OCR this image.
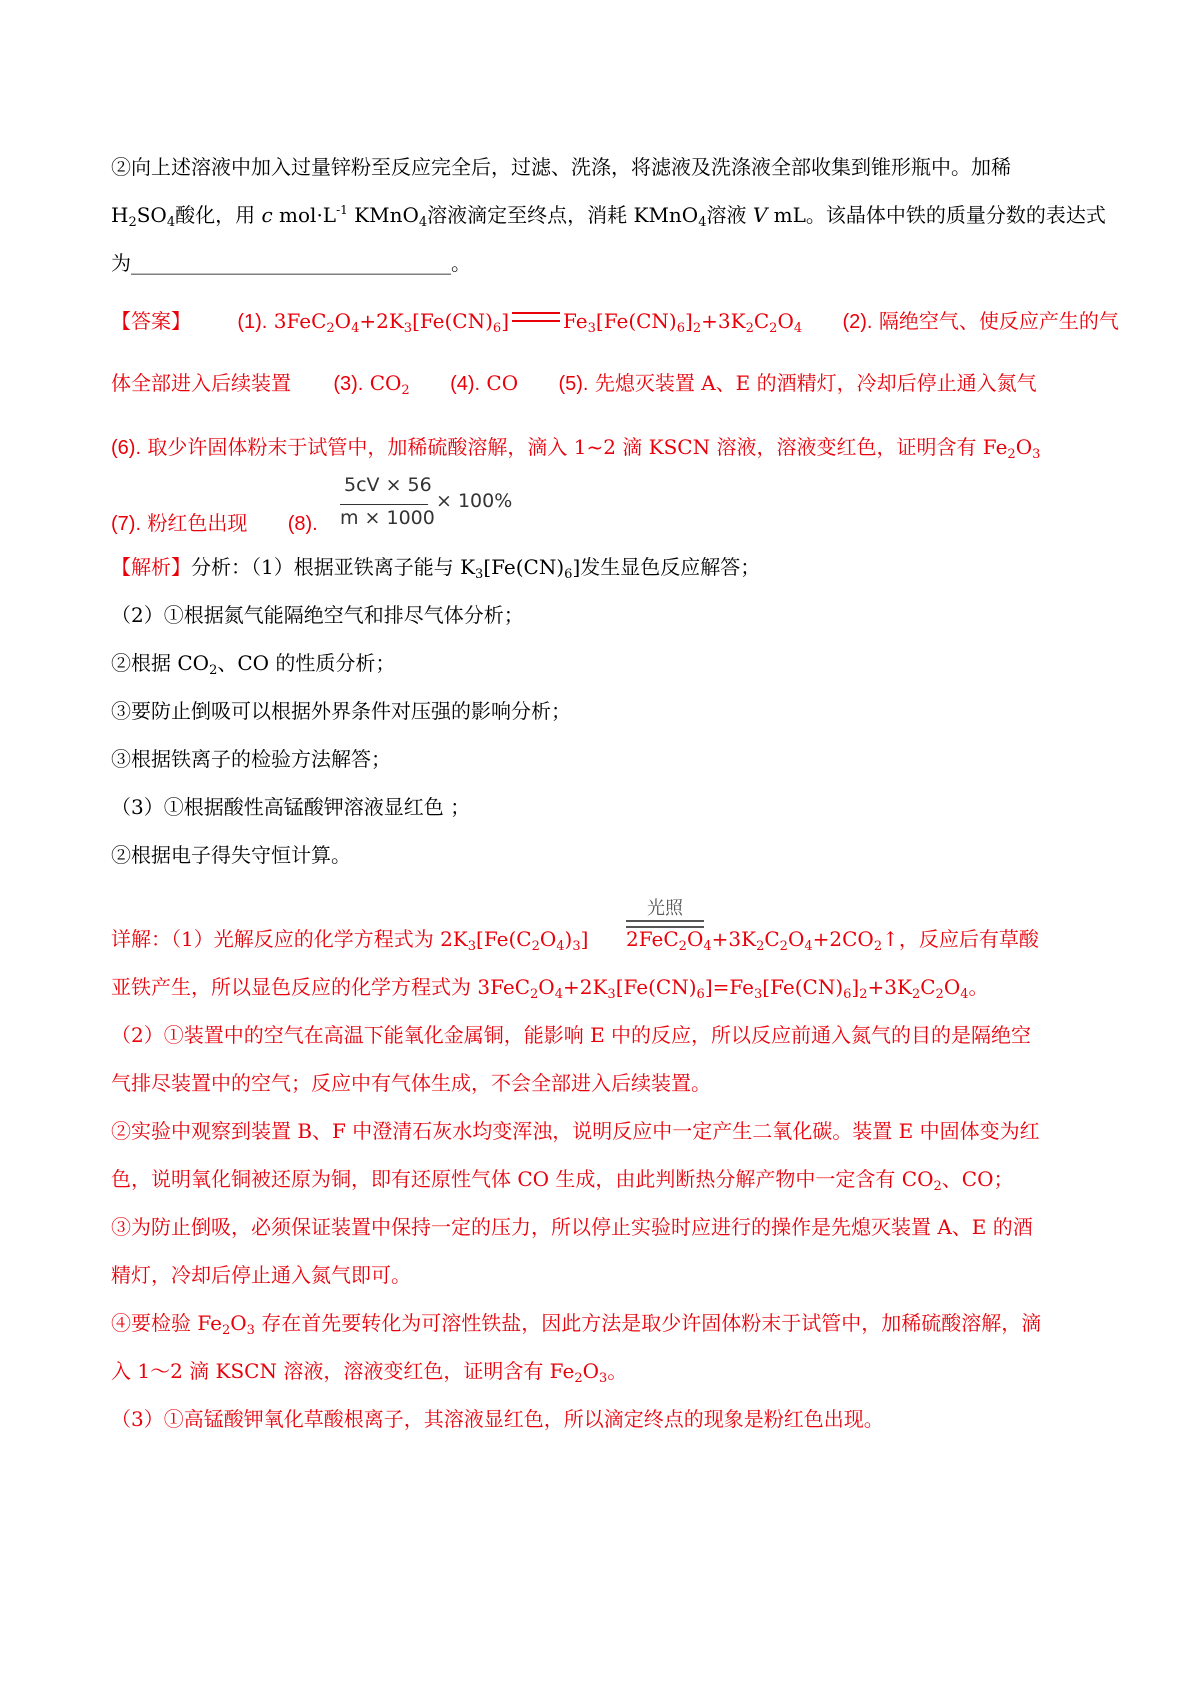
②向上述溶液中加入过量锌粉至反应完全后，过滤、洗涤，将滤液及洗涤液全部收集到锥形瓶中。加稀
$H_2SO_4$酸化，用 c $mol\cdot L^{-1}$ KMnO$_4$溶液滴定至终点，消耗 KMnO$_4$溶液 V mL。该晶体中铁的质量分数的表达式
为________________________________。
【答案】 (1). $3FeC_2O_4+2K_3[Fe(CN)_6]$	$Fe_3[Fe(CN)_6]_2+3K_2C_2O_4$ (2). 隔绝空气、使反应产生的气
体全部进入后续装置 (3). $CO_2$ (4). CO (5). 先熄灭装置 A、E 的酒精灯，冷却后停止通入氮气
(6). 取少许固体粉末于试管中，加稀硫酸溶解，滴入 1~2 滴 KSCN 溶液，溶液变红色，证明含有 $Fe_2O_3$
(7). 粉红色出现 (8).
5cV × 56
m × 1000
× 100%
【解析】分析：（1）根据亚铁离子能与 $K_3[Fe(CN)_6]$发生显色反应解答；
（2）①根据氮气能隔绝空气和排尽气体分析；
②根据 $CO_2$、CO 的性质分析；
③要防止倒吸可以根据外界条件对压强的影响分析；
③根据铁离子的检验方法解答；
（3）①根据酸性高锰酸钾溶液显红色 ；
②根据电子得失守恒计算。
光照
详解：（1）光解反应的化学方程式为 $2K_3[Fe(C_2O_4)_3]$ $2FeC_2O_4+3K_2C_2O_4+2CO_2↑$，反应后有草酸
亚铁产生，所以显色反应的化学方程式为 $3FeC_2O_4+2K_3[Fe(CN)_6]=Fe_3[Fe(CN)_6]_2+3K_2C_2O_4$。
（2）①装置中的空气在高温下能氧化金属铜，能影响 E 中的反应，所以反应前通入氮气的目的是隔绝空
气排尽装置中的空气；反应中有气体生成，不会全部进入后续装置。
②实验中观察到装置 B、F 中澄清石灰水均变浑浊，说明反应中一定产生二氧化碳。装置 E 中固体变为红
色，说明氧化铜被还原为铜，即有还原性气体 CO 生成，由此判断热分解产物中一定含有 $CO_2$、CO；
③为防止倒吸，必须保证装置中保持一定的压力，所以停止实验时应进行的操作是先熄灭装置 A、E 的酒
精灯，冷却后停止通入氮气即可。
④要检验 $Fe_2O_3$ 存在首先要转化为可溶性铁盐，因此方法是取少许固体粉末于试管中，加稀硫酸溶解，滴
入 1～2 滴 KSCN 溶液，溶液变红色，证明含有 $Fe_2O_3$。
（3）①高锰酸钾氧化草酸根离子，其溶液显红色，所以滴定终点的现象是粉红色出现。
